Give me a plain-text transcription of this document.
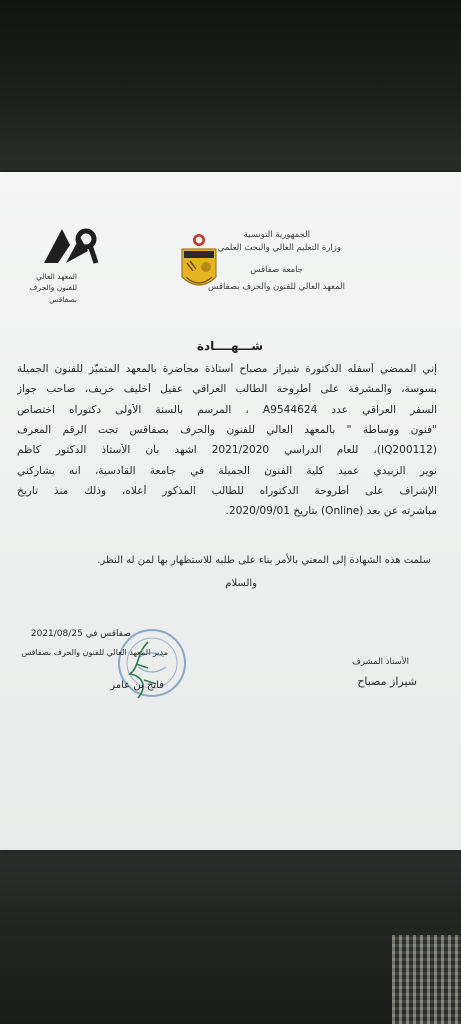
الجمهورية التونسية
وزارة التعليم العالي والبحث العلمي
جامعة صفاقس
المعهد العالي للفنون والحرف بصفاقس
المعهد العالي
للفنون والحرف
بصفاقس
شـــهــــادة
إني الممضي أسفله الدكتورة شيراز مصباح أستاذة محاضرة بالمعهد المتميّز للفنون الجميلة
بسوسة، والمشرفة على أطروحة الطالب العراقي عقيل أخليف خريف، صاحب جواز
السفر العراقي عدد A9544624 ، المرسم بالسنة الأولى دكتوراه اختصاص
"فنون ووساطة " بالمعهد العالي للفنون والحرف بصفاقس تحت الرقم المعرف
(IQ200112)، للعام الدراسي 2021/2020 اشهد بأن الأستاذ الدكتور كاظم
نوير الزبيدي عميد كلية الفنون الجميلة في جامعة القادسية، انه يشاركني
الإشراف على أطروحة الدكتوراه للطالب المذكور أعلاه، وذلك منذ تاريخ
مباشرته عن بعد (Online) بتاريخ 2020/09/01.
سلمت هذه الشهادة إلى المعني بالأمر بناء على طلبه للاستظهار بها لمن له النظر.
والسلام
صفاقس في 2021/08/25
مدير المعهد العالي للفنون والحرف بصفاقس
فاتح بن عامر
الأستاذ المشرف
شيراز مصباح
